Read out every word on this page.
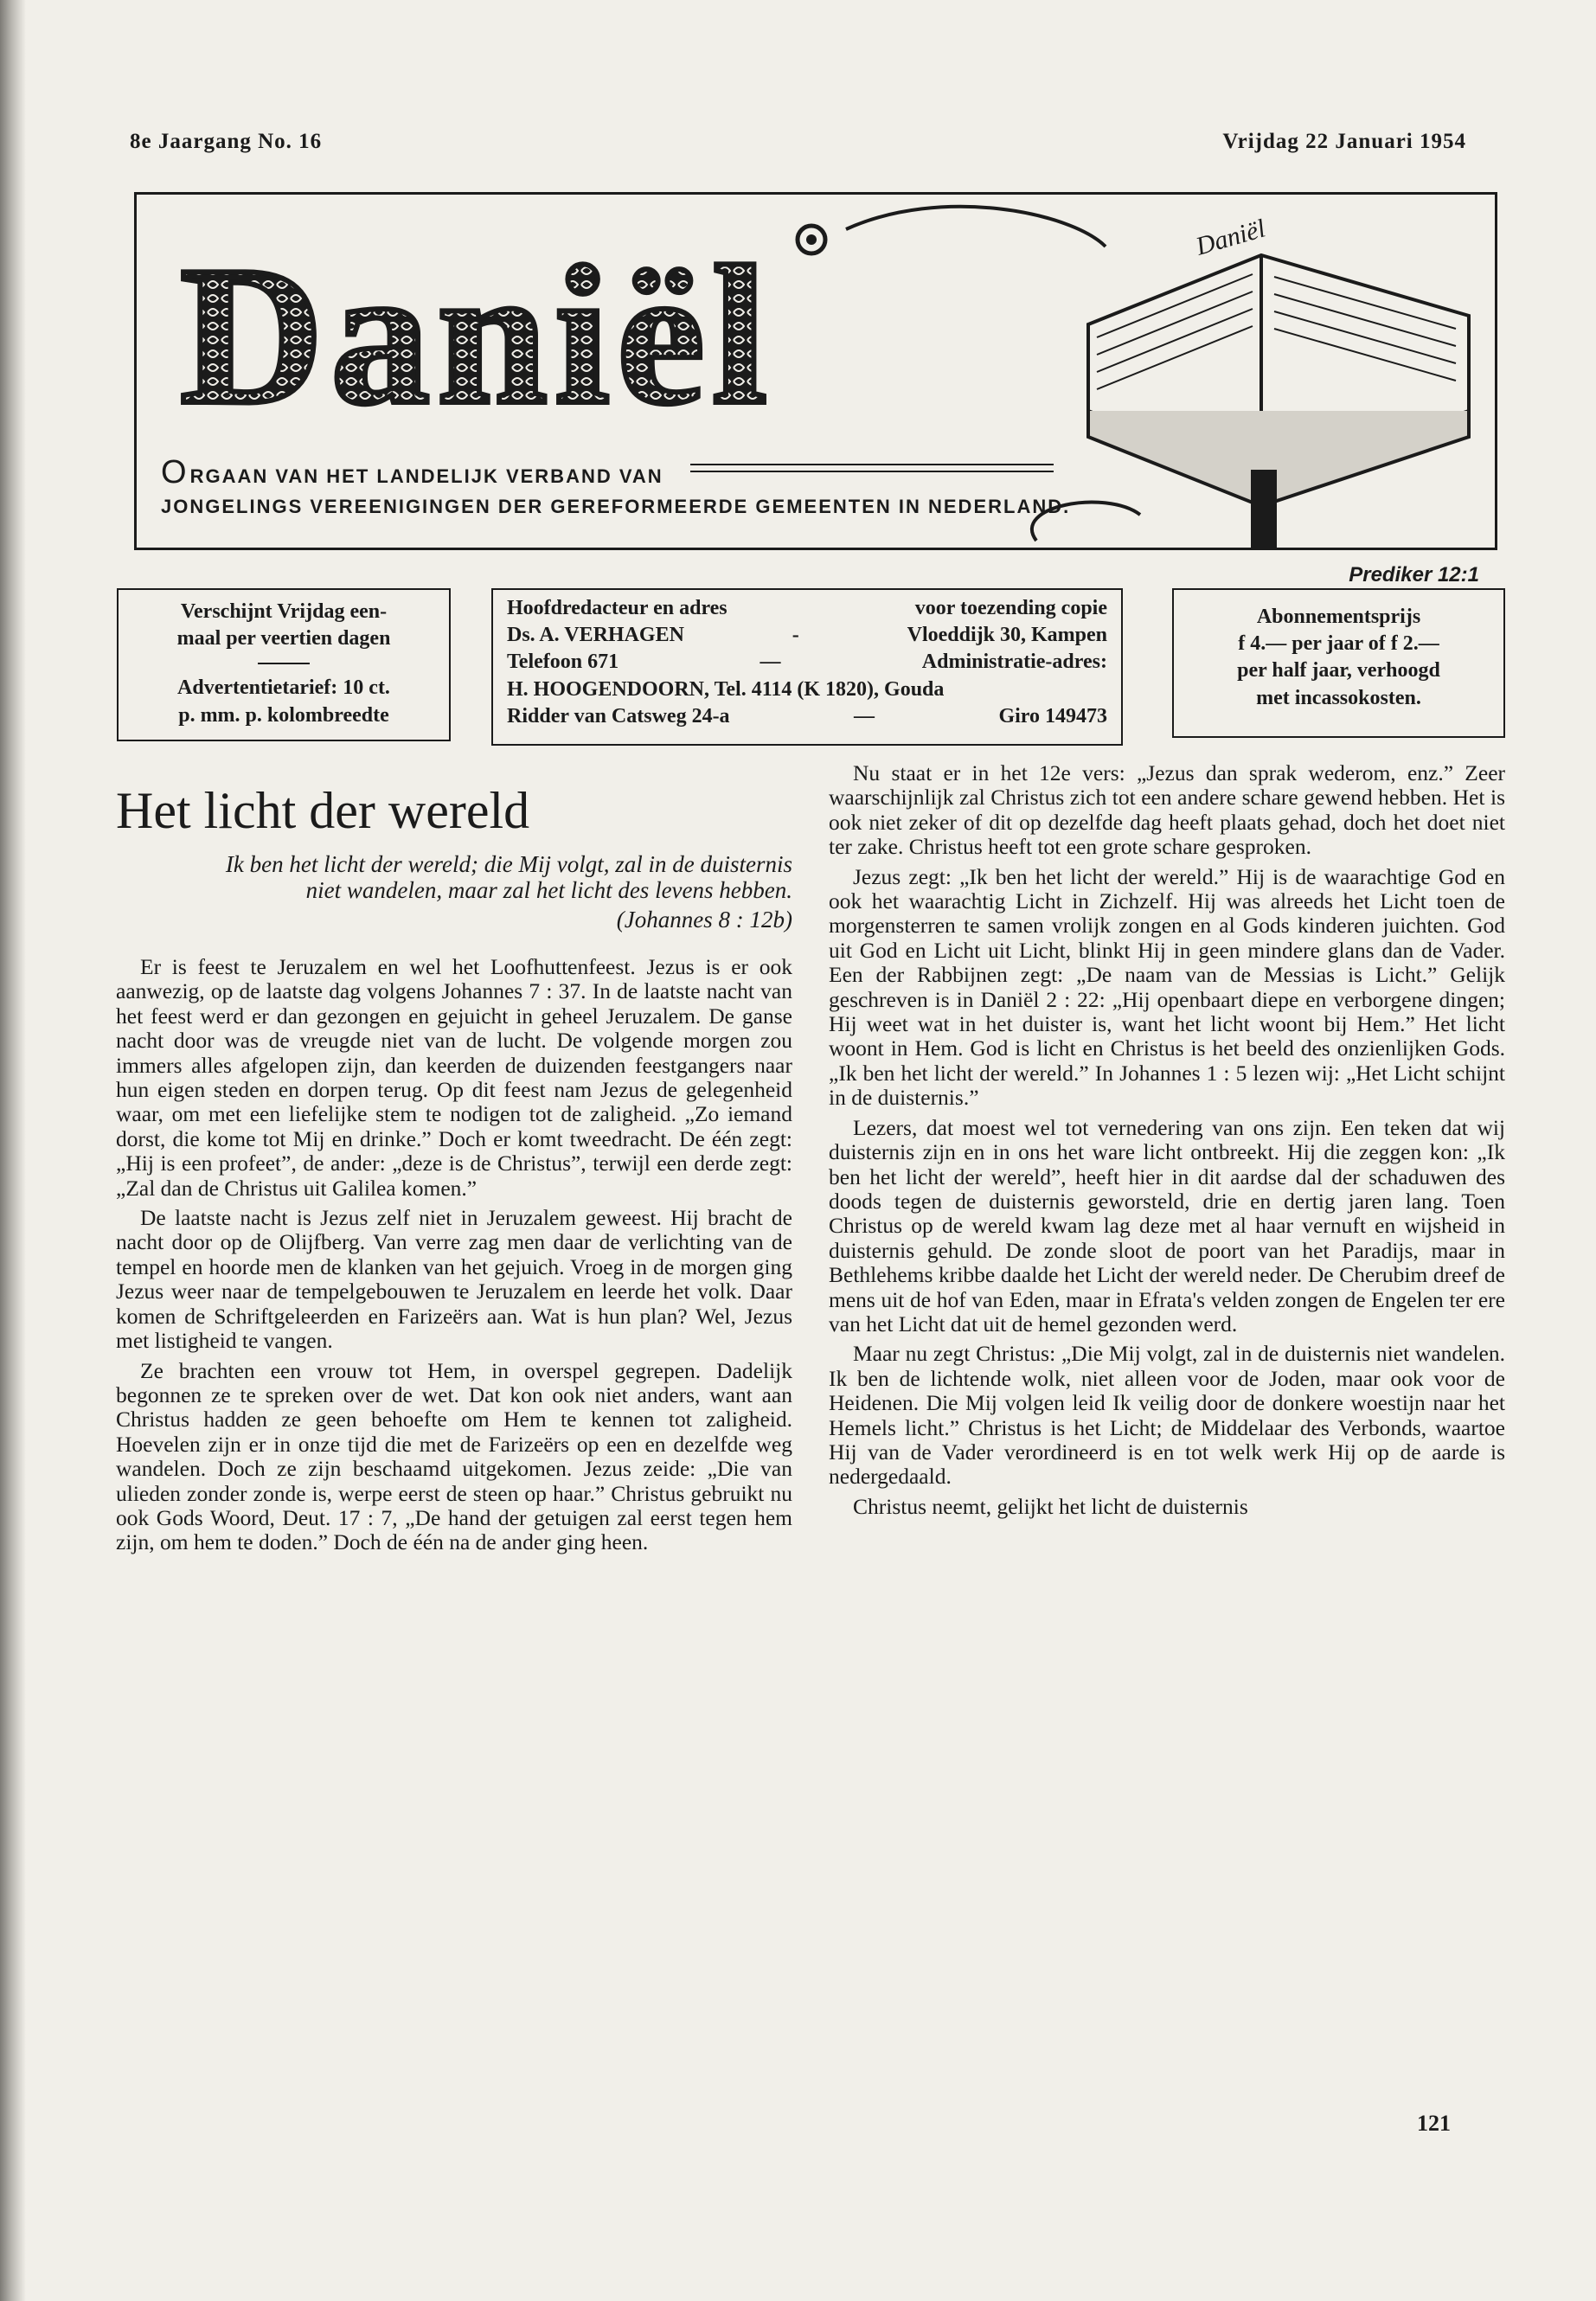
8e Jaargang No. 16	Vrijdag 22 Januari 1954
Daniël	Daniël
ORGAAN VAN HET LANDELIJK VERBAND VAN
JONGELINGS VEREENIGINGEN DER GEREFORMEERDE GEMEENTEN IN NEDERLAND.
Prediker 12:1
Verschijnt Vrijdag een-
maal per veertien dagen
Advertentietarief: 10 ct.
p. mm. p. kolombreedte
Hoofdredacteur en adres	voor toezending copie
Ds. A. VERHAGEN	-	Vloeddijk 30, Kampen
Telefoon 671	—	Administratie-adres:
H. HOOGENDOORN, Tel. 4114 (K 1820), Gouda
Ridder van Catsweg 24-a	—	Giro 149473
Abonnementsprijs
f 4.— per jaar of f 2.—
per half jaar, verhoogd
met incassokosten.
Het licht der wereld
Ik ben het licht der wereld; die Mij volgt, zal in de duisternis niet wandelen, maar zal het licht des levens hebben.
(Johannes 8 : 12b)

Er is feest te Jeruzalem en wel het Loofhuttenfeest. Jezus is er ook aanwezig, op de laatste dag volgens Johannes 7 : 37. In de laatste nacht van het feest werd er dan gezongen en gejuicht in geheel Jeruzalem. De ganse nacht door was de vreugde niet van de lucht. De volgende morgen zou immers alles afgelopen zijn, dan keerden de duizenden feestgangers naar hun eigen steden en dorpen terug. Op dit feest nam Jezus de gelegenheid waar, om met een liefelijke stem te nodigen tot de zaligheid. „Zo iemand dorst, die kome tot Mij en drinke.” Doch er komt tweedracht. De één zegt: „Hij is een profeet”, de ander: „deze is de Christus”, terwijl een derde zegt: „Zal dan de Christus uit Galilea komen.”

De laatste nacht is Jezus zelf niet in Jeruzalem geweest. Hij bracht de nacht door op de Olijfberg. Van verre zag men daar de verlichting van de tempel en hoorde men de klanken van het gejuich. Vroeg in de morgen ging Jezus weer naar de tempelgebouwen te Jeruzalem en leerde het volk. Daar komen de Schriftgeleerden en Farizeërs aan. Wat is hun plan? Wel, Jezus met listigheid te vangen.

Ze brachten een vrouw tot Hem, in overspel gegrepen. Dadelijk begonnen ze te spreken over de wet. Dat kon ook niet anders, want aan Christus hadden ze geen behoefte om Hem te kennen tot zaligheid. Hoevelen zijn er in onze tijd die met de Farizeërs op een en dezelfde weg wandelen. Doch ze zijn beschaamd uitgekomen. Jezus zeide: „Die van ulieden zonder zonde is, werpe eerst de steen op haar.” Christus gebruikt nu ook Gods Woord, Deut. 17 : 7, „De hand der getuigen zal eerst tegen hem zijn, om hem te doden.” Doch de één na de ander ging heen.

Nu staat er in het 12e vers: „Jezus dan sprak wederom, enz.” Zeer waarschijnlijk zal Christus zich tot een andere schare gewend hebben. Het is ook niet zeker of dit op dezelfde dag heeft plaats gehad, doch het doet niet ter zake. Christus heeft tot een grote schare gesproken.

Jezus zegt: „Ik ben het licht der wereld.” Hij is de waarachtige God en ook het waarachtig Licht in Zichzelf. Hij was alreeds het Licht toen de morgensterren te samen vrolijk zongen en al Gods kinderen juichten. God uit God en Licht uit Licht, blinkt Hij in geen mindere glans dan de Vader. Een der Rabbijnen zegt: „De naam van de Messias is Licht.” Gelijk geschreven is in Daniël 2 : 22: „Hij openbaart diepe en verborgene dingen; Hij weet wat in het duister is, want het licht woont bij Hem.” Het licht woont in Hem. God is licht en Christus is het beeld des onzienlijken Gods. „Ik ben het licht der wereld.” In Johannes 1 : 5 lezen wij: „Het Licht schijnt in de duisternis.”

Lezers, dat moest wel tot vernedering van ons zijn. Een teken dat wij duisternis zijn en in ons het ware licht ontbreekt. Hij die zeggen kon: „Ik ben het licht der wereld”, heeft hier in dit aardse dal der schaduwen des doods tegen de duisternis geworsteld, drie en dertig jaren lang. Toen Christus op de wereld kwam lag deze met al haar vernuft en wijsheid in duisternis gehuld. De zonde sloot de poort van het Paradijs, maar in Bethlehems kribbe daalde het Licht der wereld neder. De Cherubim dreef de mens uit de hof van Eden, maar in Efrata's velden zongen de Engelen ter ere van het Licht dat uit de hemel gezonden werd.

Maar nu zegt Christus: „Die Mij volgt, zal in de duisternis niet wandelen. Ik ben de lichtende wolk, niet alleen voor de Joden, maar ook voor de Heidenen. Die Mij volgen leid Ik veilig door de donkere woestijn naar het Hemels licht.” Christus is het Licht; de Middelaar des Verbonds, waartoe Hij van de Vader verordineerd is en tot welk werk Hij op de aarde is nedergedaald.

Christus neemt, gelijkt het licht de duisternis

121
